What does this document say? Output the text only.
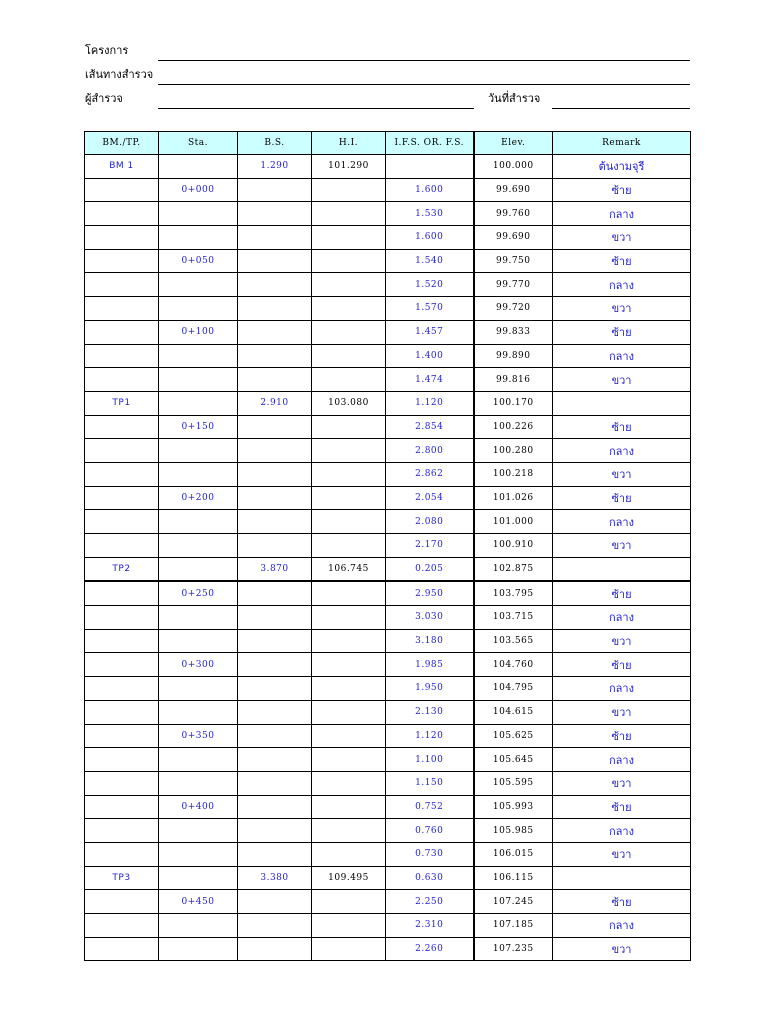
โครงการ
เส้นทางสำรวจ
ผู้สำรวจ	วันที่สำรวจ
BM./TP.	Sta.	B.S.	H.I.	I.F.S. OR. F.S.	Elev.	Remark
BM 1		1.290	101.290		100.000	ต้นงามจุรี
	0+000			1.600	99.690	ซ้าย
				1.530	99.760	กลาง
				1.600	99.690	ขวา
	0+050			1.540	99.750	ซ้าย
				1.520	99.770	กลาง
				1.570	99.720	ขวา
	0+100			1.457	99.833	ซ้าย
				1.400	99.890	กลาง
				1.474	99.816	ขวา
TP1		2.910	103.080	1.120	100.170	
	0+150			2.854	100.226	ซ้าย
				2.800	100.280	กลาง
				2.862	100.218	ขวา
	0+200			2.054	101.026	ซ้าย
				2.080	101.000	กลาง
				2.170	100.910	ขวา
TP2		3.870	106.745	0.205	102.875	
	0+250			2.950	103.795	ซ้าย
				3.030	103.715	กลาง
				3.180	103.565	ขวา
	0+300			1.985	104.760	ซ้าย
				1.950	104.795	กลาง
				2.130	104.615	ขวา
	0+350			1.120	105.625	ซ้าย
				1.100	105.645	กลาง
				1.150	105.595	ขวา
	0+400			0.752	105.993	ซ้าย
				0.760	105.985	กลาง
				0.730	106.015	ขวา
TP3		3.380	109.495	0.630	106.115	
	0+450			2.250	107.245	ซ้าย
				2.310	107.185	กลาง
				2.260	107.235	ขวา
